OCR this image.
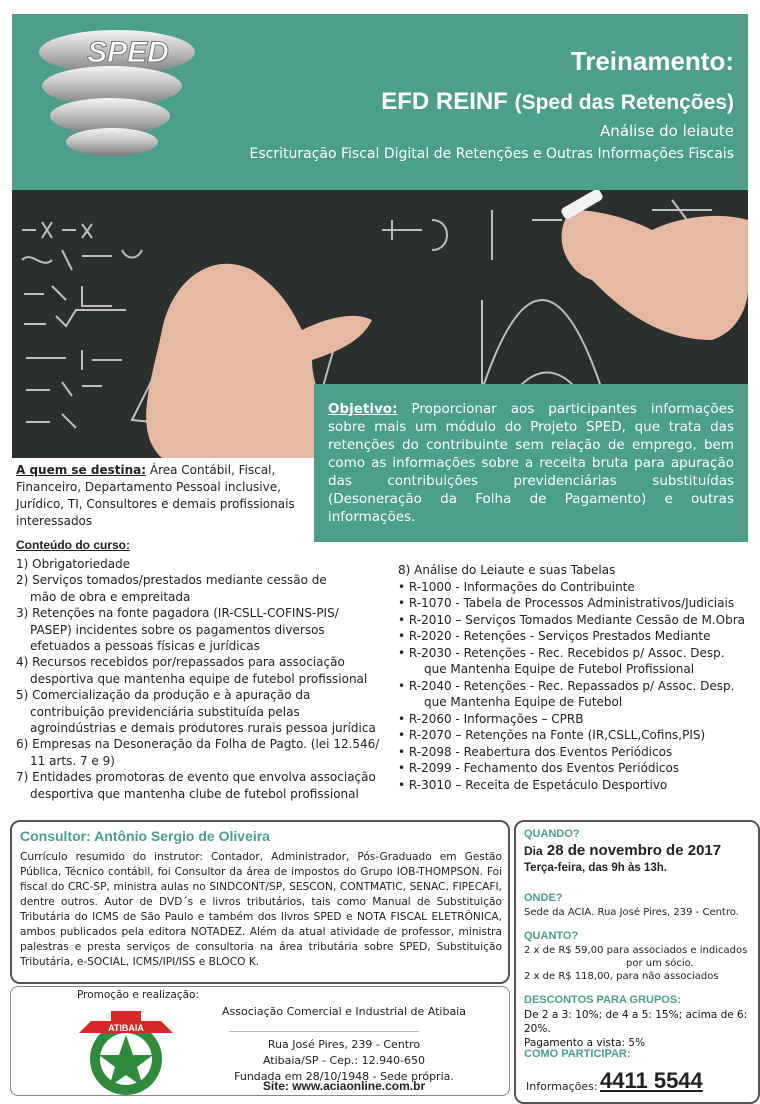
SPED	Treinamento:
EFD REINF (Sped das Retenções)
Análise do leiaute
Escrituração Fiscal Digital de Retenções e Outras Informações Fiscais
Objetivo: Proporcionar aos participantes informações sobre mais um módulo do Projeto SPED, que trata das retenções do contribuinte sem relação de emprego, bem como as informações sobre a receita bruta para apuração das contribuições previdenciárias substituídas (Desoneração da Folha de Pagamento) e outras informações.
A quem se destina: Área Contábil, Fiscal, Financeiro, Departamento Pessoal inclusive, Jurídico, TI, Consultores e demais profissionais interessados
Conteúdo do curso:
1) Obrigatoriedade
2) Serviços tomados/prestados mediante cessão de
mão de obra e empreitada
3) Retenções na fonte pagadora (IR-CSLL-COFINS-PIS/
PASEP) incidentes sobre os pagamentos diversos
efetuados a pessoas físicas e jurídicas
4) Recursos recebidos por/repassados para associação
desportiva que mantenha equipe de futebol profissional
5) Comercialização da produção e à apuração da
contribuição previdenciária substituída pelas
agroindústrias e demais produtores rurais pessoa jurídica
6) Empresas na Desoneração da Folha de Pagto. (lei 12.546/
11 arts. 7 e 9)
7) Entidades promotoras de evento que envolva associação
desportiva que mantenha clube de futebol profissional
8) Análise do Leiaute e suas Tabelas
• R-1000 - Informações do Contribuinte
• R-1070 - Tabela de Processos Administrativos/Judiciais
• R-2010 – Serviços Tomados Mediante Cessão de M.Obra
• R-2020 - Retenções - Serviços Prestados Mediante
• R-2030 - Retenções - Rec. Recebidos p/ Assoc. Desp.
que Mantenha Equipe de Futebol Profissional
• R-2040 - Retenções - Rec. Repassados p/ Assoc. Desp.
que Mantenha Equipe de Futebol
• R-2060 - Informações – CPRB
• R-2070 – Retenções na Fonte (IR,CSLL,Cofins,PIS)
• R-2098 - Reabertura dos Eventos Periódicos
• R-2099 - Fechamento dos Eventos Periódicos
• R-3010 – Receita de Espetáculo Desportivo
Consultor: Antônio Sergio de Oliveira
Currículo resumido do instrutor: Contador, Administrador, Pós-Graduado em Gestão Pública, Técnico contábil, foi Consultor da área de impostos do Grupo IOB-THOMPSON. Foi fiscal do CRC-SP, ministra aulas no SINDCONT/SP, SESCON, CONTMATIC, SENAC, FIPECAFI, dentre outros. Autor de DVD´s e livros tributários, tais como Manual de Substituição Tributária do ICMS de São Paulo e também dos livros SPED e NOTA FISCAL ELETRÔNICA, ambos publicados pela editora NOTADEZ. Além da atual atividade de professor, ministra palestras e presta serviços de consultoria na área tributária sobre SPED, Substituição Tributária, e-SOCIAL, ICMS/IPI/ISS e BLOCO K.
QUANDO?
Dia 28 de novembro de 2017
Terça-feira, das 9h às 13h.
ONDE?
Sede da ACIA. Rua José Pires, 239 - Centro.
QUANTO?
2 x de R$ 59,00 para associados e indicados
por um sócio.
2 x de R$ 118,00, para não associados
DESCONTOS PARA GRUPOS:
De 2 a 3: 10%; de 4 a 5: 15%; acima de 6: 20%.
Pagamento a vista: 5%
COMO PARTICIPAR:
Informações: 4411 5544
Promoção e realização:
ATIBAIA
Associação Comercial e Industrial de Atibaia
Rua José Pires, 239 - Centro
Atibaia/SP - Cep.: 12.940-650
Fundada em 28/10/1948 - Sede própria.
Site: www.aciaonline.com.br
